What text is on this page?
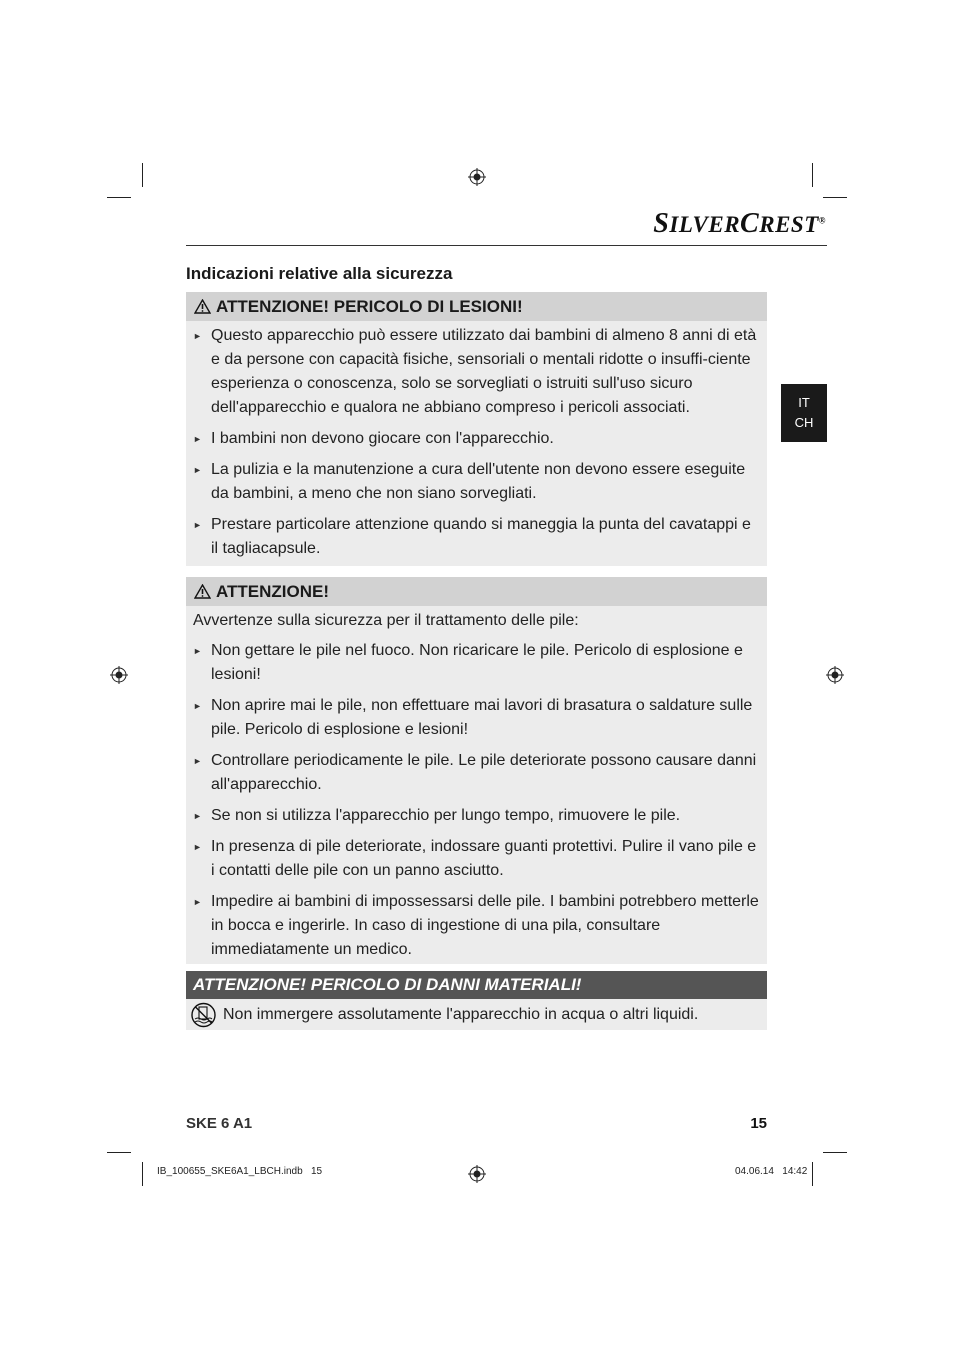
SILVERCREST®
Indicazioni relative alla sicurezza
IT
CH
ATTENZIONE! PERICOLO DI LESIONI!
► Questo apparecchio può essere utilizzato dai bambini di almeno 8 anni di età e da persone con capacità fisiche, sensoriali o mentali ridotte o insuffi-ciente esperienza o conoscenza, solo se sorvegliati o istruiti sull'uso sicuro dell'apparecchio e qualora ne abbiano compreso i pericoli associati.
► I bambini non devono giocare con l'apparecchio.
► La pulizia e la manutenzione a cura dell'utente non devono essere eseguite da bambini, a meno che non siano sorvegliati.
► Prestare particolare attenzione quando si maneggia la punta del cavatappi e il tagliacapsule.
ATTENZIONE!
Avvertenze sulla sicurezza per il trattamento delle pile:
► Non gettare le pile nel fuoco. Non ricaricare le pile. Pericolo di esplosione e lesioni!
► Non aprire mai le pile, non effettuare mai lavori di brasatura o saldature sulle pile. Pericolo di esplosione e lesioni!
► Controllare periodicamente le pile. Le pile deteriorate possono causare danni all'apparecchio.
► Se non si utilizza l'apparecchio per lungo tempo, rimuovere le pile.
► In presenza di pile deteriorate, indossare guanti protettivi. Pulire il vano pile e i contatti delle pile con un panno asciutto.
► Impedire ai bambini di impossessarsi delle pile. I bambini potrebbero metterle in bocca e ingerirle. In caso di ingestione di una pila, consultare immediatamente un medico.
ATTENZIONE! PERICOLO DI DANNI MATERIALI!
Non immergere assolutamente l'apparecchio in acqua o altri liquidi.
SKE 6 A1	15
IB_100655_SKE6A1_LBCH.indb   15	04.06.14   14:42
